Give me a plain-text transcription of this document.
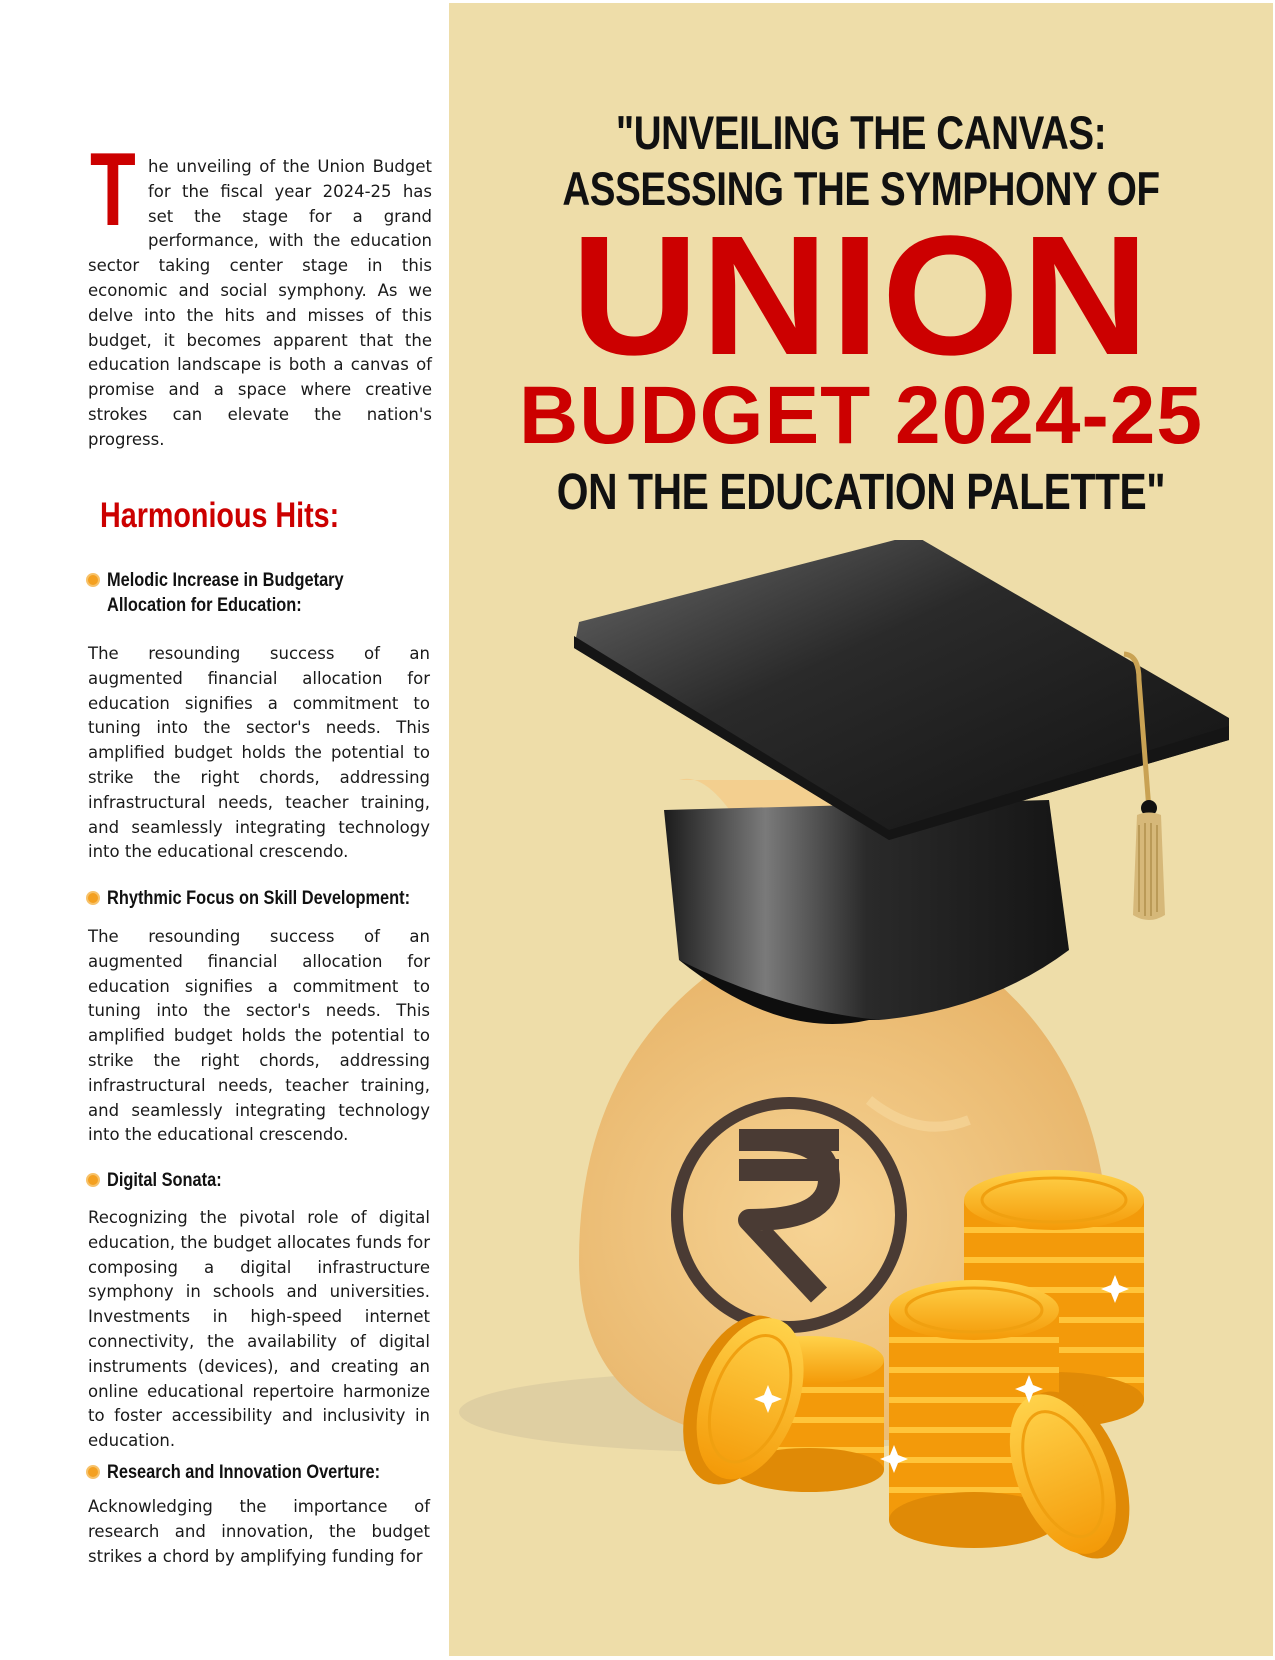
"UNVEILING THE CANVAS:
ASSESSING THE SYMPHONY OF
UNION
BUDGET 2024-25
ON THE EDUCATION PALETTE"

The unveiling of the Union Budget for the fiscal year 2024-25 has set the stage for a grand performance, with the education sector taking center stage in this economic and social symphony. As we delve into the hits and misses of this budget, it becomes apparent that the education landscape is both a canvas of promise and a space where creative strokes can elevate the nation's progress.

Harmonious Hits:
Melodic Increase in Budgetary
Allocation for Education:

The resounding success of an augmented financial allocation for education signifies a commitment to tuning into the sector's needs. This amplified budget holds the potential to strike the right chords, addressing infrastructural needs, teacher training, and seamlessly integrating technology into the educational crescendo.

Rhythmic Focus on Skill Development:

The resounding success of an augmented financial allocation for education signifies a commitment to tuning into the sector's needs. This amplified budget holds the potential to strike the right chords, addressing infrastructural needs, teacher training, and seamlessly integrating technology into the educational crescendo.

Digital Sonata:

Recognizing the pivotal role of digital education, the budget allocates funds for composing a digital infrastructure symphony in schools and universities. Investments in high-speed internet connectivity, the availability of digital instruments (devices), and creating an online educational repertoire harmonize to foster accessibility and inclusivity in education.

Research and Innovation Overture:

Acknowledging the importance of research and innovation, the budget strikes a chord by amplifying funding for
